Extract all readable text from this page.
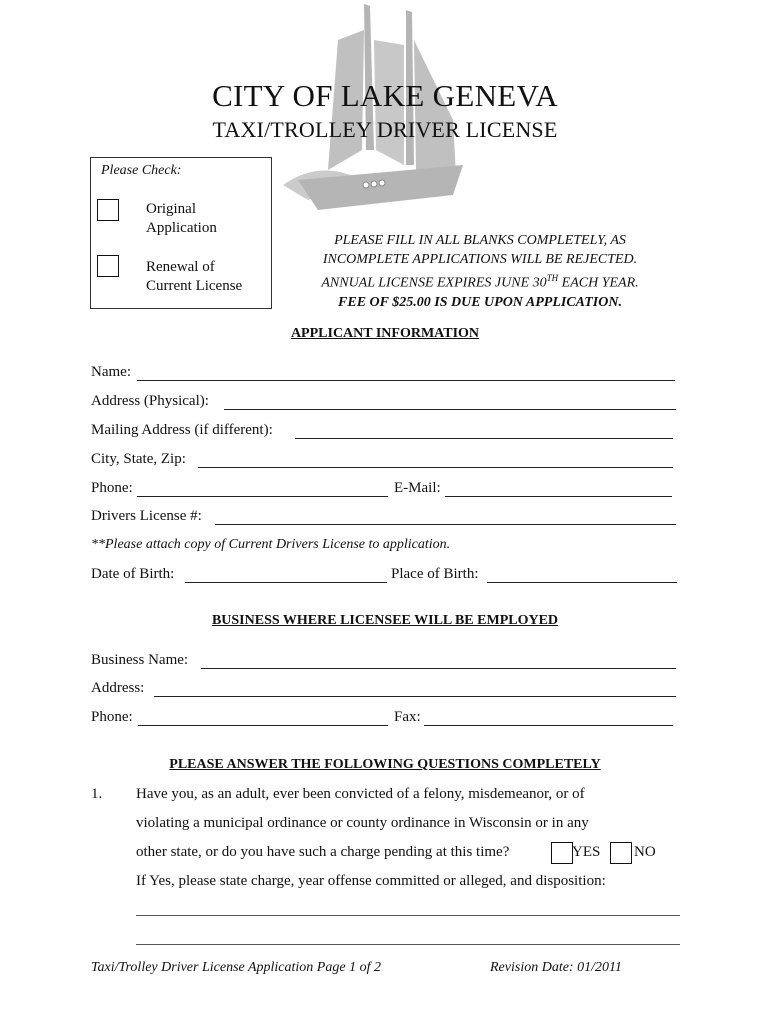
CITY OF LAKE GENEVA
TAXI/TROLLEY DRIVER LICENSE
Please Check:
Original
Application
Renewal of
Current License
PLEASE FILL IN ALL BLANKS COMPLETELY, AS
INCOMPLETE APPLICATIONS WILL BE REJECTED.
ANNUAL LICENSE EXPIRES JUNE 30TH EACH YEAR.
FEE OF $25.00 IS DUE UPON APPLICATION.
APPLICANT INFORMATION
Name:
Address (Physical):
Mailing Address (if different):
City, State, Zip:
Phone:	E-Mail:
Drivers License #:
**Please attach copy of Current Drivers License to application.
Date of Birth:	Place of Birth:
BUSINESS WHERE LICENSEE WILL BE EMPLOYED
Business Name:
Address:
Phone:	Fax:
PLEASE ANSWER THE FOLLOWING QUESTIONS COMPLETELY
1. Have you, as an adult, ever been convicted of a felony, misdemeanor, or of
violating a municipal ordinance or county ordinance in Wisconsin or in any
other state, or do you have such a charge pending at this time?	YES NO
If Yes, please state charge, year offense committed or alleged, and disposition:
Taxi/Trolley Driver License Application Page 1 of 2	Revision Date: 01/2011
